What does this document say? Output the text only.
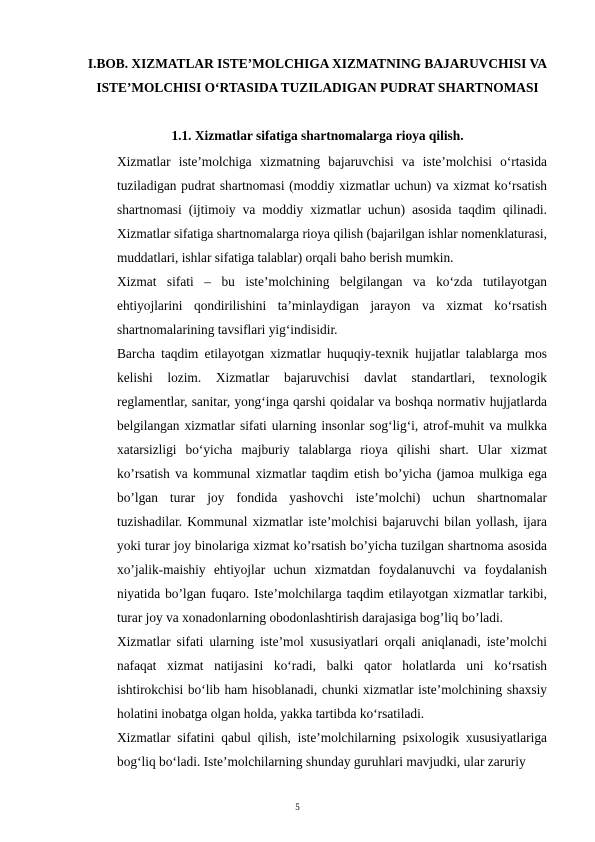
I.BOB. XIZMATLAR ISTE’MOLCHIGA XIZMATNING BAJARUVCHISI VA ISTE’MOLCHISI O‘RTASIDA TUZILADIGAN PUDRAT SHARTNOMASI
1.1. Xizmatlar sifatiga shartnomalarga rioya qilish.

Xizmatlar iste’molchiga xizmatning bajaruvchisi va iste’molchisi o‘rtasida tuziladigan pudrat shartnomasi (moddiy xizmatlar uchun) va xizmat ko‘rsatish shartnomasi (ijtimoiy va moddiy xizmatlar uchun) asosida taqdim qilinadi. Xizmatlar sifatiga shartnomalarga rioya qilish (bajarilgan ishlar nomenklaturasi, muddatlari, ishlar sifatiga talablar) orqali baho berish mumkin.

Xizmat sifati – bu iste’molchining belgilangan va ko‘zda tutilayotgan ehtiyojlarini qondirilishini ta’minlaydigan jarayon va xizmat ko‘rsatish shartnomalarining tavsiflari yig‘indisidir.

Barcha taqdim etilayotgan xizmatlar huquqiy-texnik hujjatlar talablarga mos kelishi lozim. Xizmatlar bajaruvchisi davlat standartlari, texnologik reglamentlar, sanitar, yong‘inga qarshi qoidalar va boshqa normativ hujjatlarda belgilangan xizmatlar sifati ularning insonlar sog‘lig‘i, atrof-muhit va mulkka xatarsizligi bo‘yicha majburiy talablarga rioya qilishi shart. Ular xizmat ko’rsatish va kommunal xizmatlar taqdim etish bo’yicha (jamoa mulkiga ega bo’lgan turar joy fondida yashovchi iste’molchi) uchun shartnomalar tuzishadilar. Kommunal xizmatlar iste’molchisi bajaruvchi bilan yollash, ijara yoki turar joy binolariga xizmat ko’rsatish bo’yicha tuzilgan shartnoma asosida xo’jalik-maishiy ehtiyojlar uchun xizmatdan foydalanuvchi va foydalanish niyatida bo’lgan fuqaro. Iste’molchilarga taqdim etilayotgan xizmatlar tarkibi, turar joy va xonadonlarning obodonlashtirish darajasiga bog’liq bo’ladi.

Xizmatlar sifati ularning iste’mol xususiyatlari orqali aniqlanadi, iste’molchi nafaqat xizmat natijasini ko‘radi, balki qator holatlarda uni ko‘rsatish ishtirokchisi bo‘lib ham hisoblanadi, chunki xizmatlar iste’molchining shaxsiy holatini inobatga olgan holda, yakka tartibda ko‘rsatiladi.

Xizmatlar sifatini qabul qilish, iste’molchilarning psixologik xususiyatlariga bog‘liq bo‘ladi. Iste’molchilarning shunday guruhlari mavjudki, ular zaruriy

5
